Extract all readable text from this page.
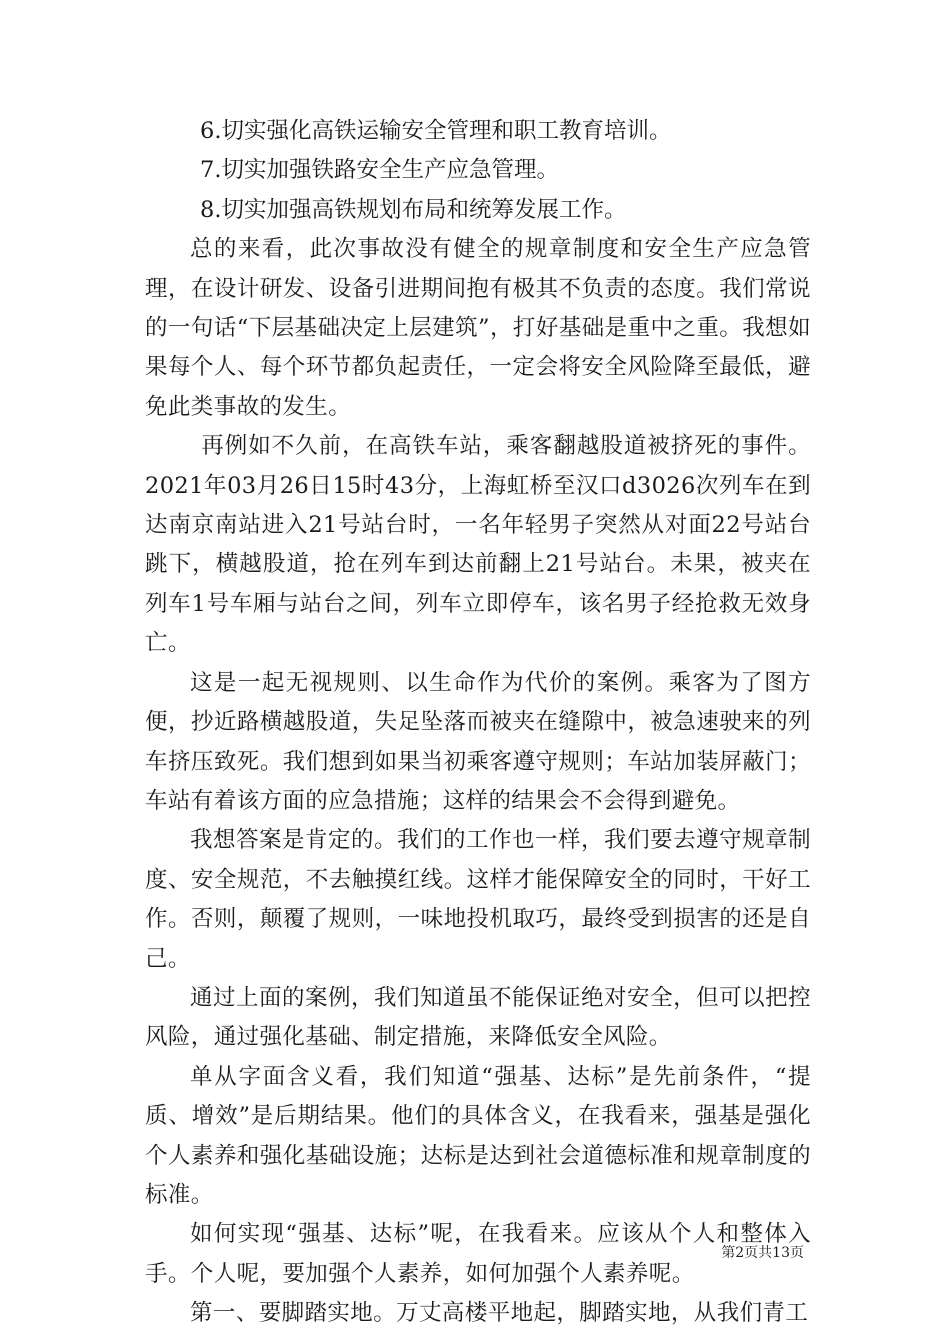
6.切实强化高铁运输安全管理和职工教育培训。

7.切实加强铁路安全生产应急管理。

8.切实加强高铁规划布局和统筹发展工作。

总的来看，此次事故没有健全的规章制度和安全生产应急管理，在设计研发、设备引进期间抱有极其不负责的态度。我们常说的一句话“下层基础决定上层建筑”，打好基础是重中之重。我想如果每个人、每个环节都负起责任，一定会将安全风险降至最低，避免此类事故的发生。

再例如不久前，在高铁车站，乘客翻越股道被挤死的事件。2021年03月26日15时43分，上海虹桥至汉口d3026次列车在到达南京南站进入21号站台时，一名年轻男子突然从对面22号站台跳下，横越股道，抢在列车到达前翻上21号站台。未果，被夹在列车1号车厢与站台之间，列车立即停车，该名男子经抢救无效身亡。

这是一起无视规则、以生命作为代价的案例。乘客为了图方便，抄近路横越股道，失足坠落而被夹在缝隙中，被急速驶来的列车挤压致死。我们想到如果当初乘客遵守规则；车站加装屏蔽门；车站有着该方面的应急措施；这样的结果会不会得到避免。

我想答案是肯定的。我们的工作也一样，我们要去遵守规章制度、安全规范，不去触摸红线。这样才能保障安全的同时，干好工作。否则，颠覆了规则，一味地投机取巧，最终受到损害的还是自己。

通过上面的案例，我们知道虽不能保证绝对安全，但可以把控风险，通过强化基础、制定措施，来降低安全风险。

单从字面含义看，我们知道“强基、达标”是先前条件，“提质、增效”是后期结果。他们的具体含义，在我看来，强基是强化个人素养和强化基础设施；达标是达到社会道德标准和规章制度的标准。

如何实现“强基、达标”呢，在我看来。应该从个人和整体入手。个人呢，要加强个人素养，如何加强个人素养呢。

第一、要脚踏实地。万丈高楼平地起，脚踏实地，从我们青工

第2页共13页
